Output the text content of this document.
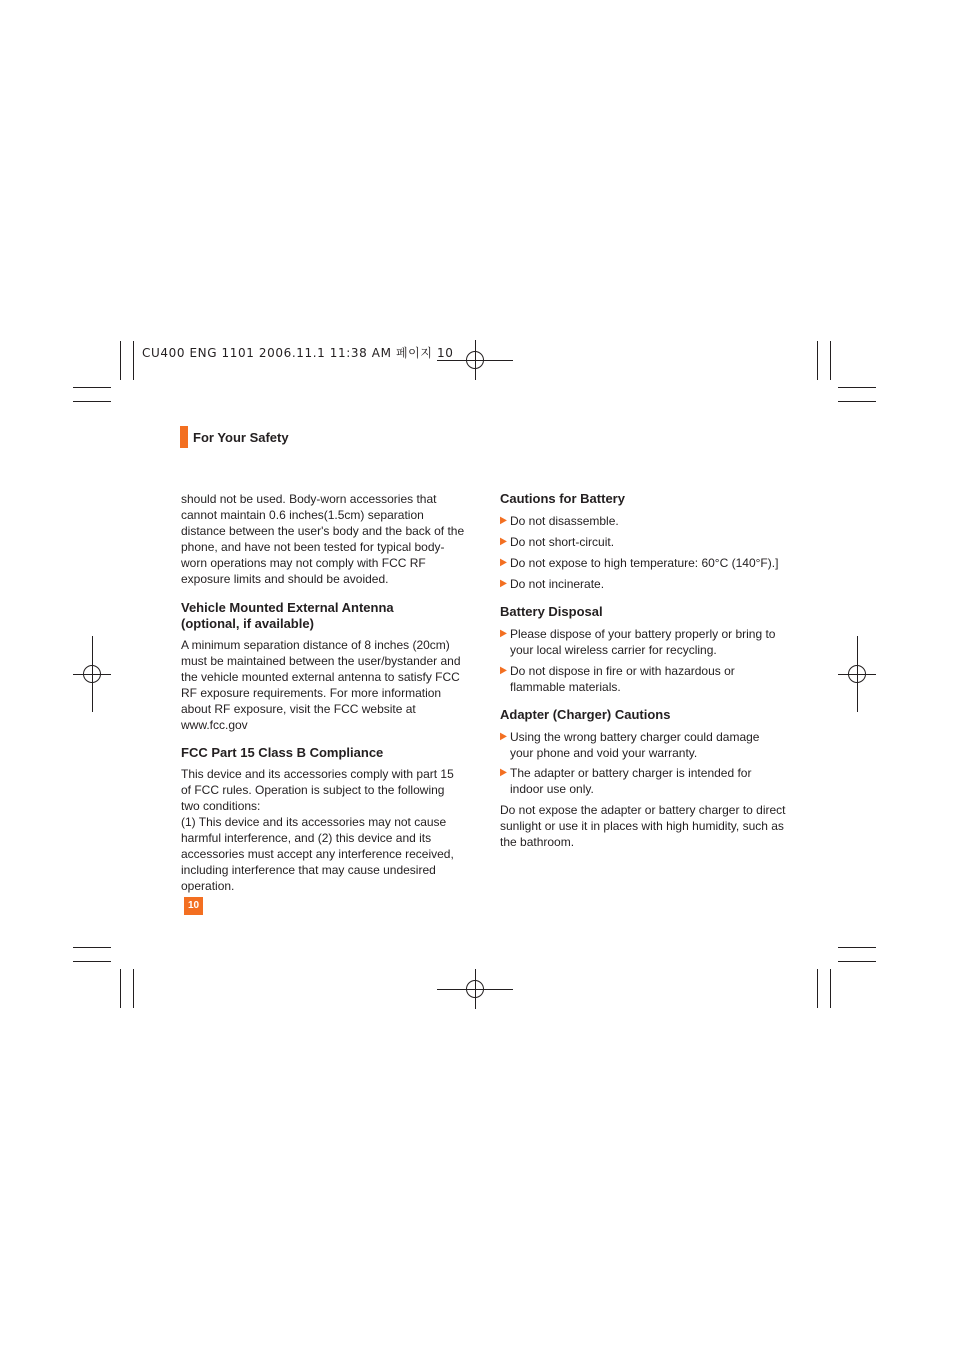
CU400 ENG 1101 2006.11.1 11:38 AM 페이지 10
For Your Safety

should not be used. Body-worn accessories that cannot maintain 0.6 inches(1.5cm) separation distance between the user's body and the back of the phone, and have not been tested for typical body-worn operations may not comply with FCC RF exposure limits and should be avoided.

Vehicle Mounted External Antenna (optional, if available)

A minimum separation distance of 8 inches (20cm) must be maintained between the user/bystander and the vehicle mounted external antenna to satisfy FCC RF exposure requirements. For more information about RF exposure, visit the FCC website at www.fcc.gov

FCC Part 15 Class B Compliance

This device and its accessories comply with part 15 of FCC rules. Operation is subject to the following two conditions:

(1) This device and its accessories may not cause harmful interference, and (2) this device and its accessories must accept any interference received, including interference that may cause undesired operation.

Cautions for Battery

▶ Do not disassemble.
▶ Do not short-circuit.
▶ Do not expose to high temperature: 60°C (140°F).]
▶ Do not incinerate.

Battery Disposal

▶ Please dispose of your battery properly or bring to your local wireless carrier for recycling.
▶ Do not dispose in fire or with hazardous or flammable materials.

Adapter (Charger) Cautions

▶ Using the wrong battery charger could damage your phone and void your warranty.
▶ The adapter or battery charger is intended for indoor use only.

Do not expose the adapter or battery charger to direct sunlight or use it in places with high humidity, such as the bathroom.

10
